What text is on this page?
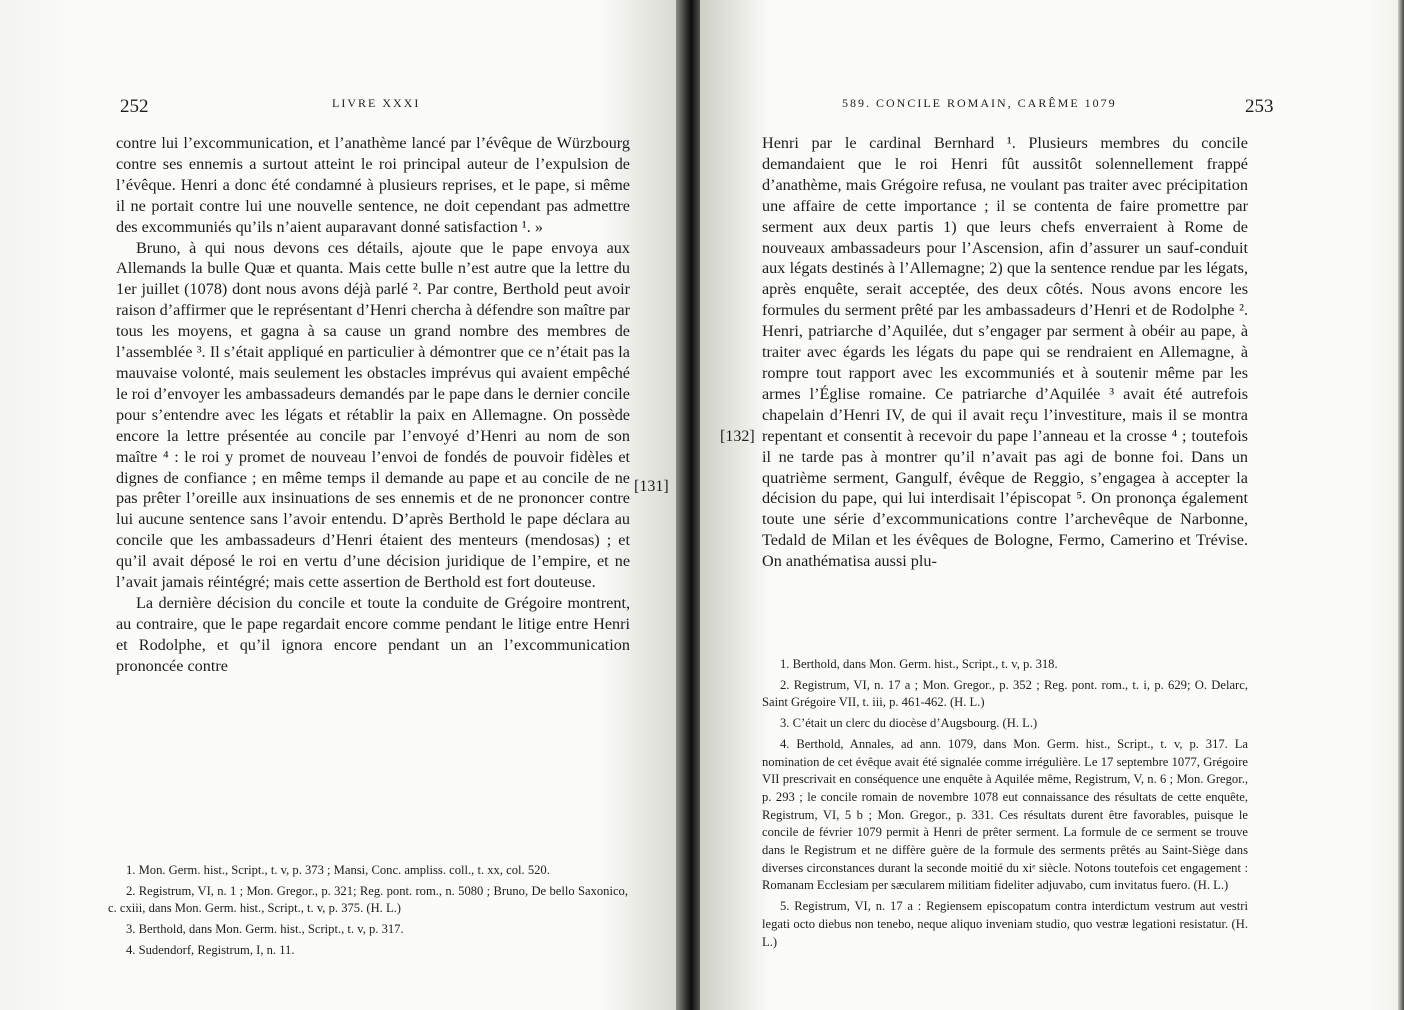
252	LIVRE XXXI

contre lui l’excommunication, et l’anathème lancé par l’évêque de Würzbourg contre ses ennemis a surtout atteint le roi principal auteur de l’expulsion de l’évêque. Henri a donc été condamné à plusieurs reprises, et le pape, si même il ne portait contre lui une nouvelle sentence, ne doit cependant pas admettre des excommuniés qu’ils n’aient auparavant donné satisfaction ¹. »

Bruno, à qui nous devons ces détails, ajoute que le pape envoya aux Allemands la bulle Quæ et quanta. Mais cette bulle n’est autre que la lettre du 1er juillet (1078) dont nous avons déjà parlé ². Par contre, Berthold peut avoir raison d’affirmer que le représentant d’Henri chercha à défendre son maître par tous les moyens, et gagna à sa cause un grand nombre des membres de l’assemblée ³. Il s’était appliqué en particulier à démontrer que ce n’était pas la mauvaise volonté, mais seulement les obstacles imprévus qui avaient empêché le roi d’envoyer les ambassadeurs demandés par le pape dans le dernier concile pour s’entendre avec les légats et rétablir la paix en Allemagne. On possède encore la lettre présentée au concile par l’envoyé d’Henri au nom de son maître ⁴ : le roi y promet de nouveau l’envoi de fondés de pouvoir fidèles et dignes de confiance ; en même temps il demande au pape et au concile de ne pas prêter l’oreille aux insinuations de ses ennemis et de ne prononcer contre lui aucune sentence sans l’avoir entendu. D’après Berthold le pape déclara au concile que les ambassadeurs d’Henri étaient des menteurs (mendosas) ; et qu’il avait déposé le roi en vertu d’une décision juridique de l’empire, et ne l’avait jamais réintégré; mais cette assertion de Berthold est fort douteuse.

La dernière décision du concile et toute la conduite de Grégoire montrent, au contraire, que le pape regardait encore comme pendant le litige entre Henri et Rodolphe, et qu’il ignora encore pendant un an l’excommunication prononcée contre

[131]

1. Mon. Germ. hist., Script., t. v, p. 373 ; Mansi, Conc. ampliss. coll., t. xx, col. 520.

2. Registrum, VI, n. 1 ; Mon. Gregor., p. 321; Reg. pont. rom., n. 5080 ; Bruno, De bello Saxonico, c. cxiii, dans Mon. Germ. hist., Script., t. v, p. 375. (H. L.)

3. Berthold, dans Mon. Germ. hist., Script., t. v, p. 317.

4. Sudendorf, Registrum, I, n. 11.

589. CONCILE ROMAIN, CARÊME 1079	253
[132]

Henri par le cardinal Bernhard ¹. Plusieurs membres du concile demandaient que le roi Henri fût aussitôt solennellement frappé d’anathème, mais Grégoire refusa, ne voulant pas traiter avec précipitation une affaire de cette importance ; il se contenta de faire promettre par serment aux deux partis 1) que leurs chefs enverraient à Rome de nouveaux ambassadeurs pour l’Ascension, afin d’assurer un sauf-conduit aux légats destinés à l’Allemagne; 2) que la sentence rendue par les légats, après enquête, serait acceptée, des deux côtés. Nous avons encore les formules du serment prêté par les ambassadeurs d’Henri et de Rodolphe ². Henri, patriarche d’Aquilée, dut s’engager par serment à obéir au pape, à traiter avec égards les légats du pape qui se rendraient en Allemagne, à rompre tout rapport avec les excommuniés et à soutenir même par les armes l’Église romaine. Ce patriarche d’Aquilée ³ avait été autrefois chapelain d’Henri IV, de qui il avait reçu l’investiture, mais il se montra repentant et consentit à recevoir du pape l’anneau et la crosse ⁴ ; toutefois il ne tarde pas à montrer qu’il n’avait pas agi de bonne foi. Dans un quatrième serment, Gangulf, évêque de Reggio, s’engagea à accepter la décision du pape, qui lui interdisait l’épiscopat ⁵. On prononça également toute une série d’excommunications contre l’archevêque de Narbonne, Tedald de Milan et les évêques de Bologne, Fermo, Camerino et Trévise. On anathématisa aussi plu-

1. Berthold, dans Mon. Germ. hist., Script., t. v, p. 318.

2. Registrum, VI, n. 17 a ; Mon. Gregor., p. 352 ; Reg. pont. rom., t. i, p. 629; O. Delarc, Saint Grégoire VII, t. iii, p. 461-462. (H. L.)

3. C’était un clerc du diocèse d’Augsbourg. (H. L.)

4. Berthold, Annales, ad ann. 1079, dans Mon. Germ. hist., Script., t. v, p. 317. La nomination de cet évêque avait été signalée comme irrégulière. Le 17 septembre 1077, Grégoire VII prescrivait en conséquence une enquête à Aquilée même, Registrum, V, n. 6 ; Mon. Gregor., p. 293 ; le concile romain de novembre 1078 eut connaissance des résultats de cette enquête, Registrum, VI, 5 b ; Mon. Gregor., p. 331. Ces résultats durent être favorables, puisque le concile de février 1079 permit à Henri de prêter serment. La formule de ce serment se trouve dans le Registrum et ne diffère guère de la formule des serments prêtés au Saint-Siège dans diverses circonstances durant la seconde moitié du xiᵉ siècle. Notons toutefois cet engagement : Romanam Ecclesiam per sæcularem militiam fideliter adjuvabo, cum invitatus fuero. (H. L.)

5. Registrum, VI, n. 17 a : Regiensem episcopatum contra interdictum vestrum aut vestri legati octo diebus non tenebo, neque aliquo inveniam studio, quo vestræ legationi resistatur. (H. L.)
